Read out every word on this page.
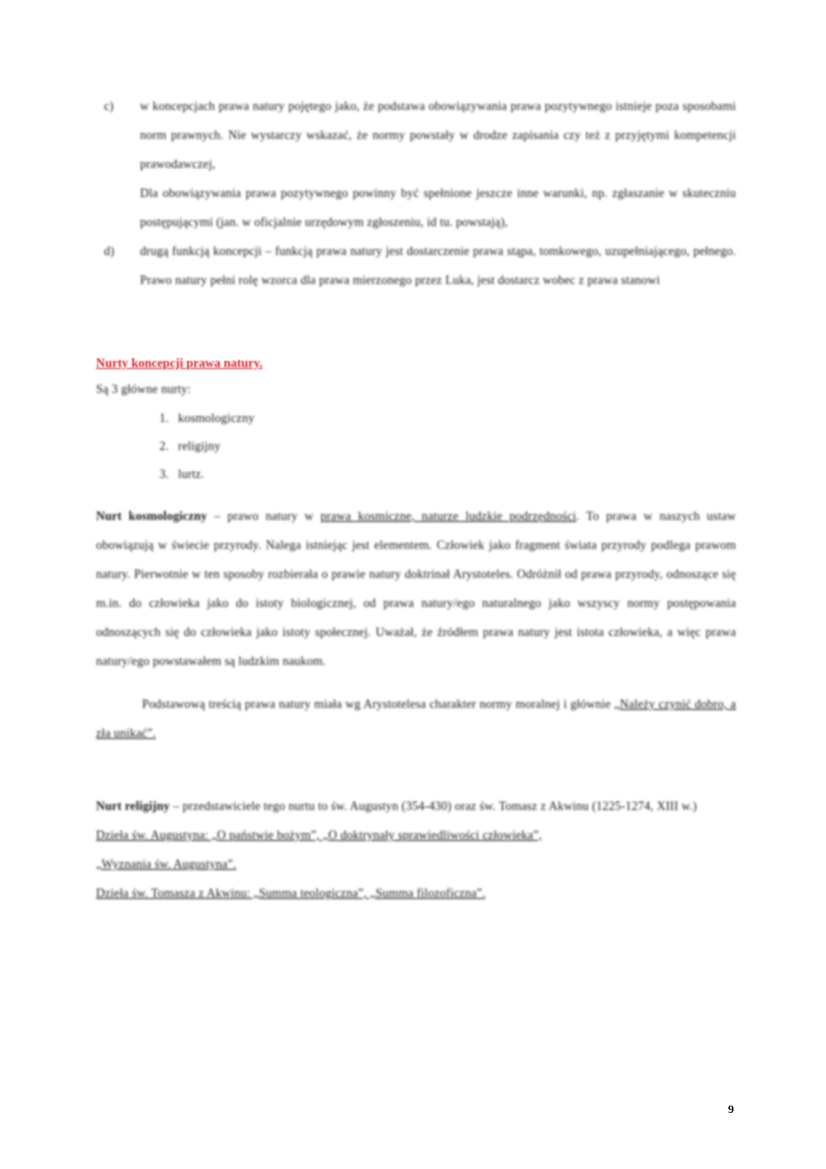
c)	w koncepcjach prawa natury pojętego jako, że podstawa obowiązywania prawa pozytywnego istnieje poza sposobami norm prawnych. Nie wystarczy wskazać, że normy powstały w drodze zapisania czy też z przyjętymi kompetencji prawodawczej,

Dla obowiązywania prawa pozytywnego powinny być spełnione jeszcze inne warunki, np. zgłaszanie w skuteczniu postępującymi (jan. w oficjalnie urzędowym zgłoszeniu, id tu. powstają),

d)	drugą funkcją koncepcji – funkcją prawa natury jest dostarczenie prawa stąpa, tomkowego, uzupełniającego, pełnego. Prawo natury pełni rolę wzorca dla prawa mierzonego przez Luka, jest dostarcz wobec z prawa stanowi
Nurty koncepcji prawa natury.

Są 3 główne nurty:

1. kosmologiczny
2. religijny
3. lurtz.

Nurt kosmologiczny – prawo natury w prawa kosmiczne, naturze ludzkie podrzędności. To prawa w naszych ustaw obowiązują w świecie przyrody. Nalega istniejąc jest elementem. Człowiek jako fragment świata przyrody podlega prawom natury. Pierwotnie w ten sposoby rozbierała o prawie natury doktrinał Arystoteles. Odróżnił od prawa przyrody, odnoszące się m.in. do człowieka jako do istoty biologicznej, od prawa natury/ego naturalnego jako wszyscy normy postępowania odnoszących się do człowieka jako istoty społecznej. Uważał, że źródłem prawa natury jest istota człowieka, a więc prawa natury/ego powstawałem są ludzkim naukom.

Podstawową treścią prawa natury miała wg Arystotelesa charakter normy moralnej i głównie „Należy czynić dobro, a zła unikać”.

Nurt religijny – przedstawiciele tego nurtu to św. Augustyn (354-430) oraz św. Tomasz z Akwinu (1225-1274, XIII w.)

Dzieła św. Augustyna: „O państwie bożym”, „O doktrynały sprawiedliwości człowieka”,

„Wyznania św. Augustyna”.

Dzieła św. Tomasza z Akwinu: „Summa teologiczna”, „Summa filozoficzna”.

9
